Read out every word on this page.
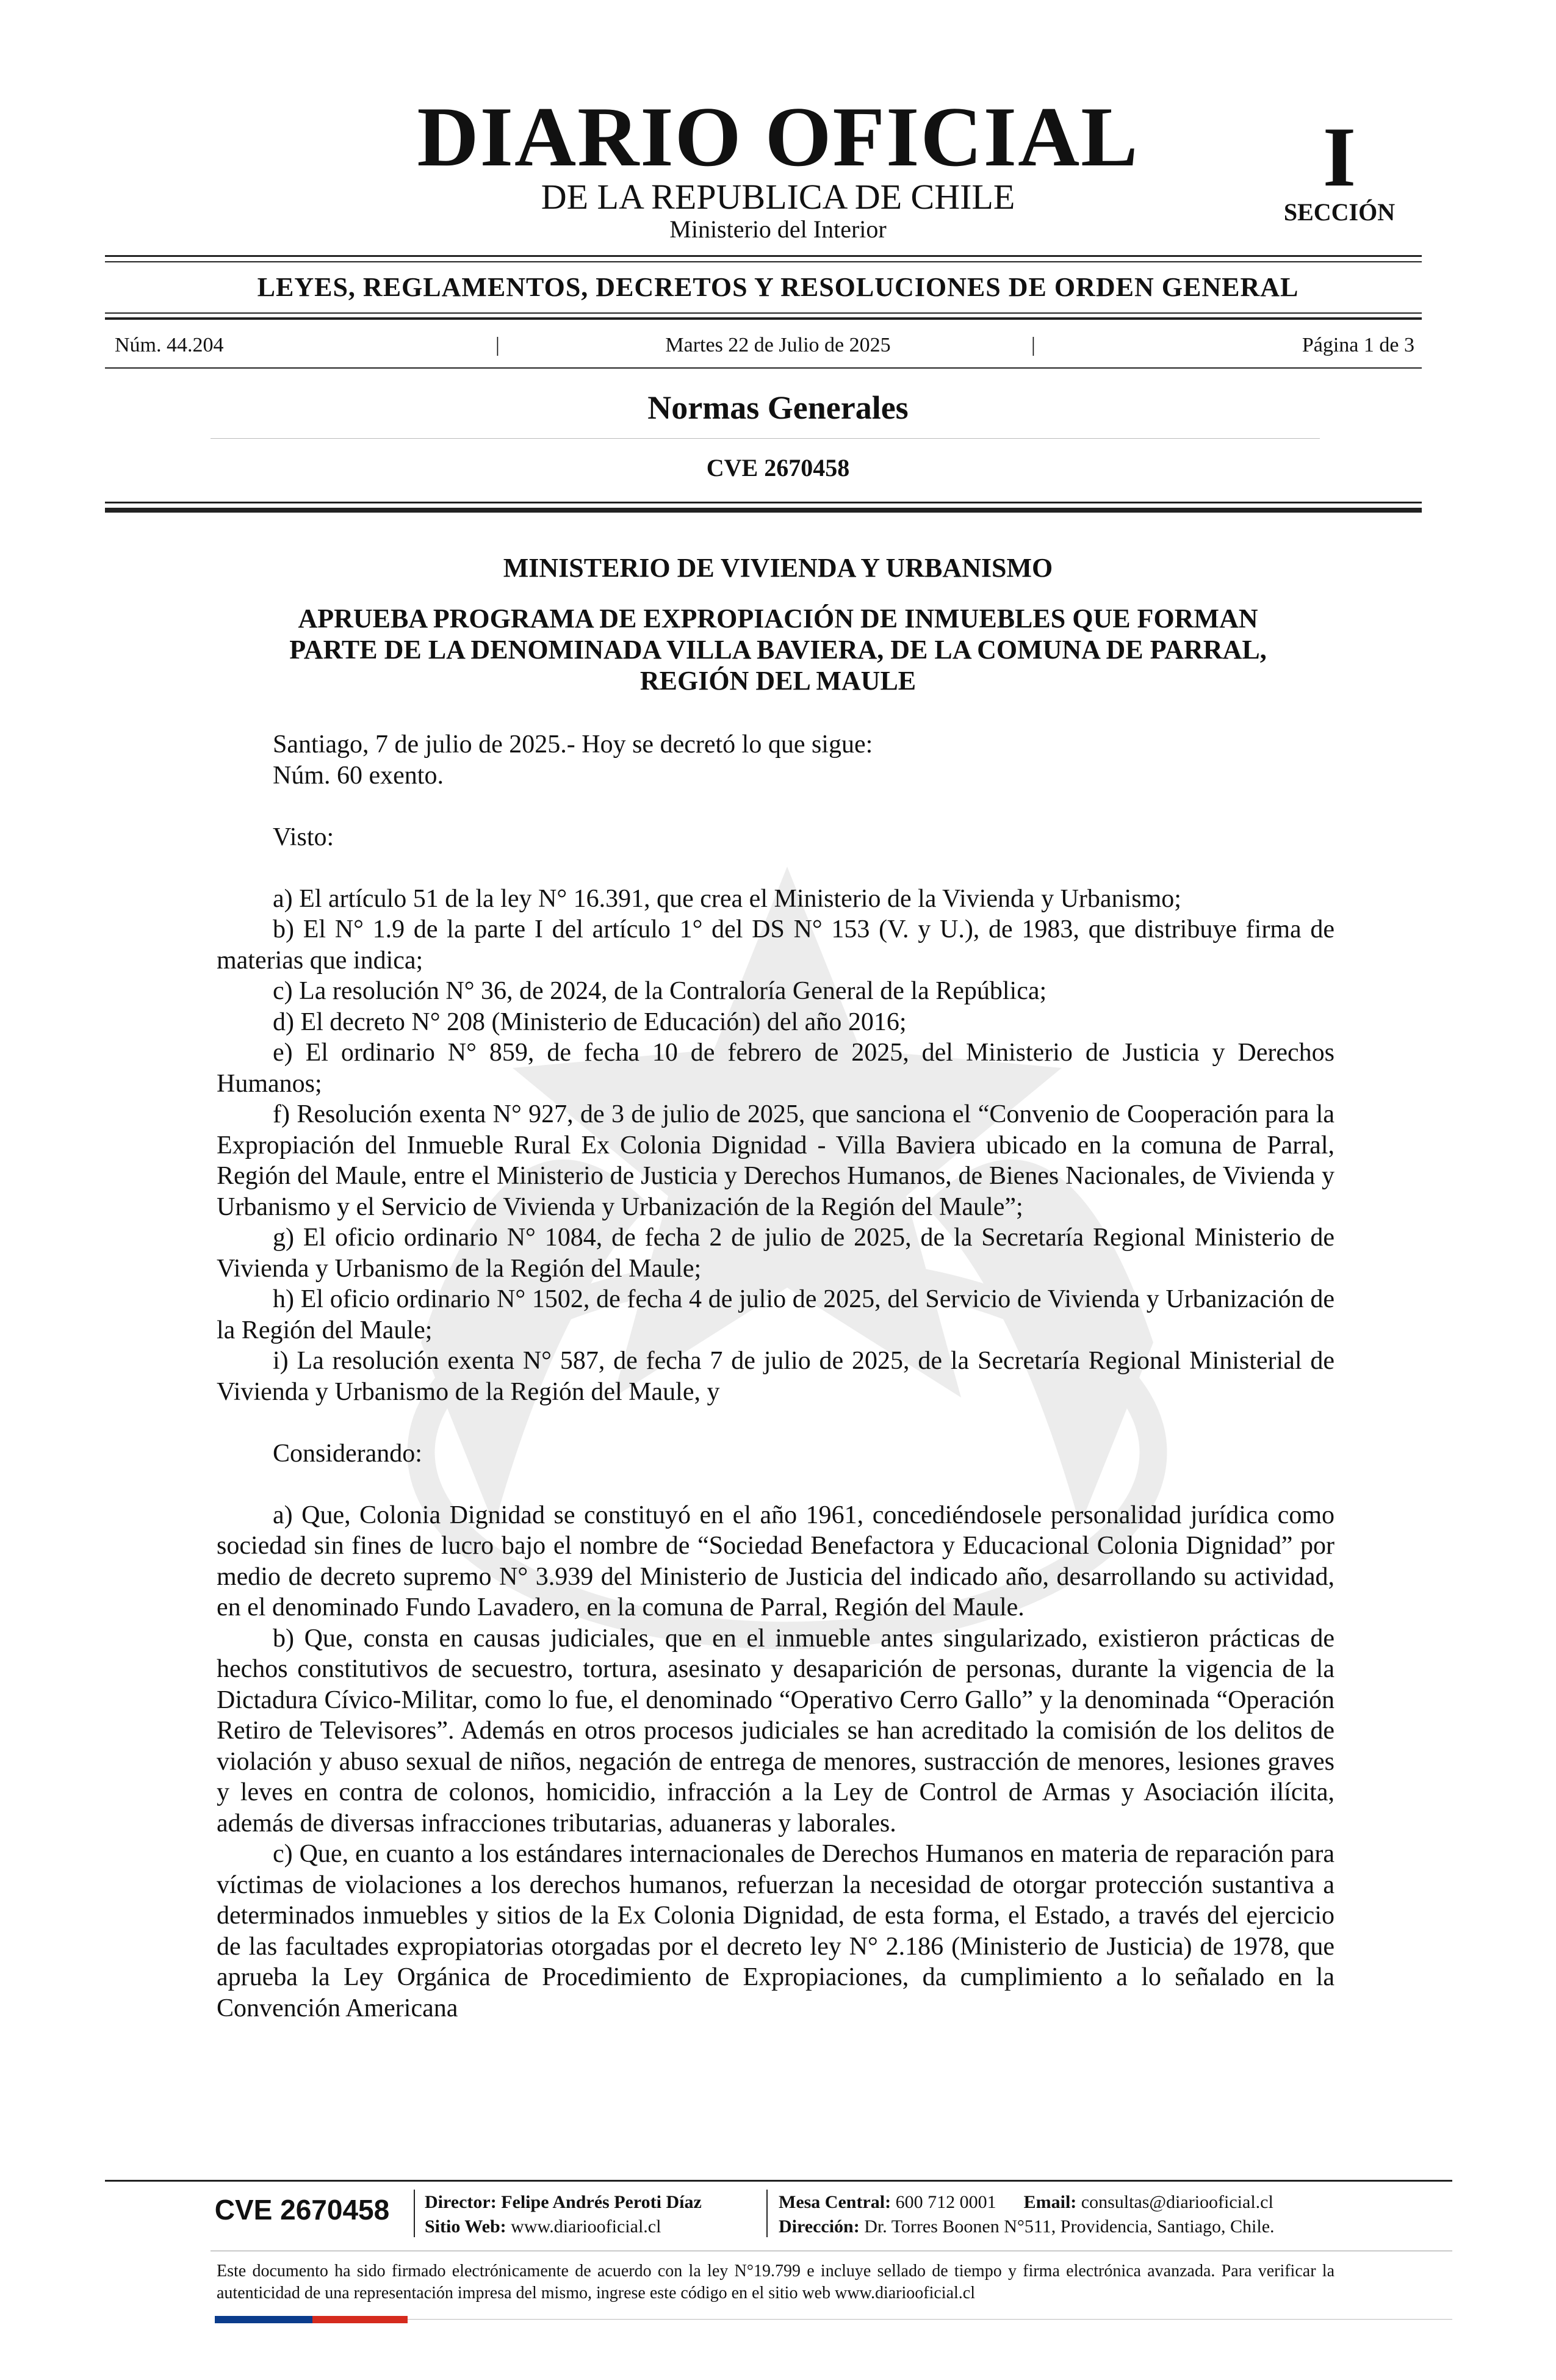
DIARIO OFICIAL
DE LA REPUBLICA DE CHILE
Ministerio del Interior
I
SECCIÓN
LEYES, REGLAMENTOS, DECRETOS Y RESOLUCIONES DE ORDEN GENERAL
Núm. 44.204	|	Martes 22 de Julio de 2025	|	Página 1 de 3
Normas Generales
CVE 2670458
MINISTERIO DE VIVIENDA Y URBANISMO
APRUEBA PROGRAMA DE EXPROPIACIÓN DE INMUEBLES QUE FORMAN
PARTE DE LA DENOMINADA VILLA BAVIERA, DE LA COMUNA DE PARRAL,
REGIÓN DEL MAULE

Santiago, 7 de julio de 2025.- Hoy se decretó lo que sigue:

Núm. 60 exento.

Visto:

a) El artículo 51 de la ley N° 16.391, que crea el Ministerio de la Vivienda y Urbanismo;

b) El N° 1.9 de la parte I del artículo 1° del DS N° 153 (V. y U.), de 1983, que distribuye firma de materias que indica;

c) La resolución N° 36, de 2024, de la Contraloría General de la República;

d) El decreto N° 208 (Ministerio de Educación) del año 2016;

e) El ordinario N° 859, de fecha 10 de febrero de 2025, del Ministerio de Justicia y Derechos Humanos;

f) Resolución exenta N° 927, de 3 de julio de 2025, que sanciona el “Convenio de Cooperación para la Expropiación del Inmueble Rural Ex Colonia Dignidad - Villa Baviera ubicado en la comuna de Parral, Región del Maule, entre el Ministerio de Justicia y Derechos Humanos, de Bienes Nacionales, de Vivienda y Urbanismo y el Servicio de Vivienda y Urbanización de la Región del Maule”;

g) El oficio ordinario N° 1084, de fecha 2 de julio de 2025, de la Secretaría Regional Ministerio de Vivienda y Urbanismo de la Región del Maule;

h) El oficio ordinario N° 1502, de fecha 4 de julio de 2025, del Servicio de Vivienda y Urbanización de la Región del Maule;

i) La resolución exenta N° 587, de fecha 7 de julio de 2025, de la Secretaría Regional Ministerial de Vivienda y Urbanismo de la Región del Maule, y

Considerando:

a) Que, Colonia Dignidad se constituyó en el año 1961, concediéndosele personalidad jurídica como sociedad sin fines de lucro bajo el nombre de “Sociedad Benefactora y Educacional Colonia Dignidad” por medio de decreto supremo N° 3.939 del Ministerio de Justicia del indicado año, desarrollando su actividad, en el denominado Fundo Lavadero, en la comuna de Parral, Región del Maule.

b) Que, consta en causas judiciales, que en el inmueble antes singularizado, existieron prácticas de hechos constitutivos de secuestro, tortura, asesinato y desaparición de personas, durante la vigencia de la Dictadura Cívico-Militar, como lo fue, el denominado “Operativo Cerro Gallo” y la denominada “Operación Retiro de Televisores”. Además en otros procesos judiciales se han acreditado la comisión de los delitos de violación y abuso sexual de niños, negación de entrega de menores, sustracción de menores, lesiones graves y leves en contra de colonos, homicidio, infracción a la Ley de Control de Armas y Asociación ilícita, además de diversas infracciones tributarias, aduaneras y laborales.

c) Que, en cuanto a los estándares internacionales de Derechos Humanos en materia de reparación para víctimas de violaciones a los derechos humanos, refuerzan la necesidad de otorgar protección sustantiva a determinados inmuebles y sitios de la Ex Colonia Dignidad, de esta forma, el Estado, a través del ejercicio de las facultades expropiatorias otorgadas por el decreto ley N° 2.186 (Ministerio de Justicia) de 1978, que aprueba la Ley Orgánica de Procedimiento de Expropiaciones, da cumplimiento a lo señalado en la Convención Americana

CVE 2670458	Director: Felipe Andrés Peroti Díaz
Sitio Web: www.diariooficial.cl
Mesa Central: 600 712 0001 Email: consultas@diariooficial.cl
Dirección: Dr. Torres Boonen N°511, Providencia, Santiago, Chile.
Este documento ha sido firmado electrónicamente de acuerdo con la ley N°19.799 e incluye sellado de tiempo y firma electrónica avanzada. Para verificar la autenticidad de una representación impresa del mismo, ingrese este código en el sitio web www.diariooficial.cl
